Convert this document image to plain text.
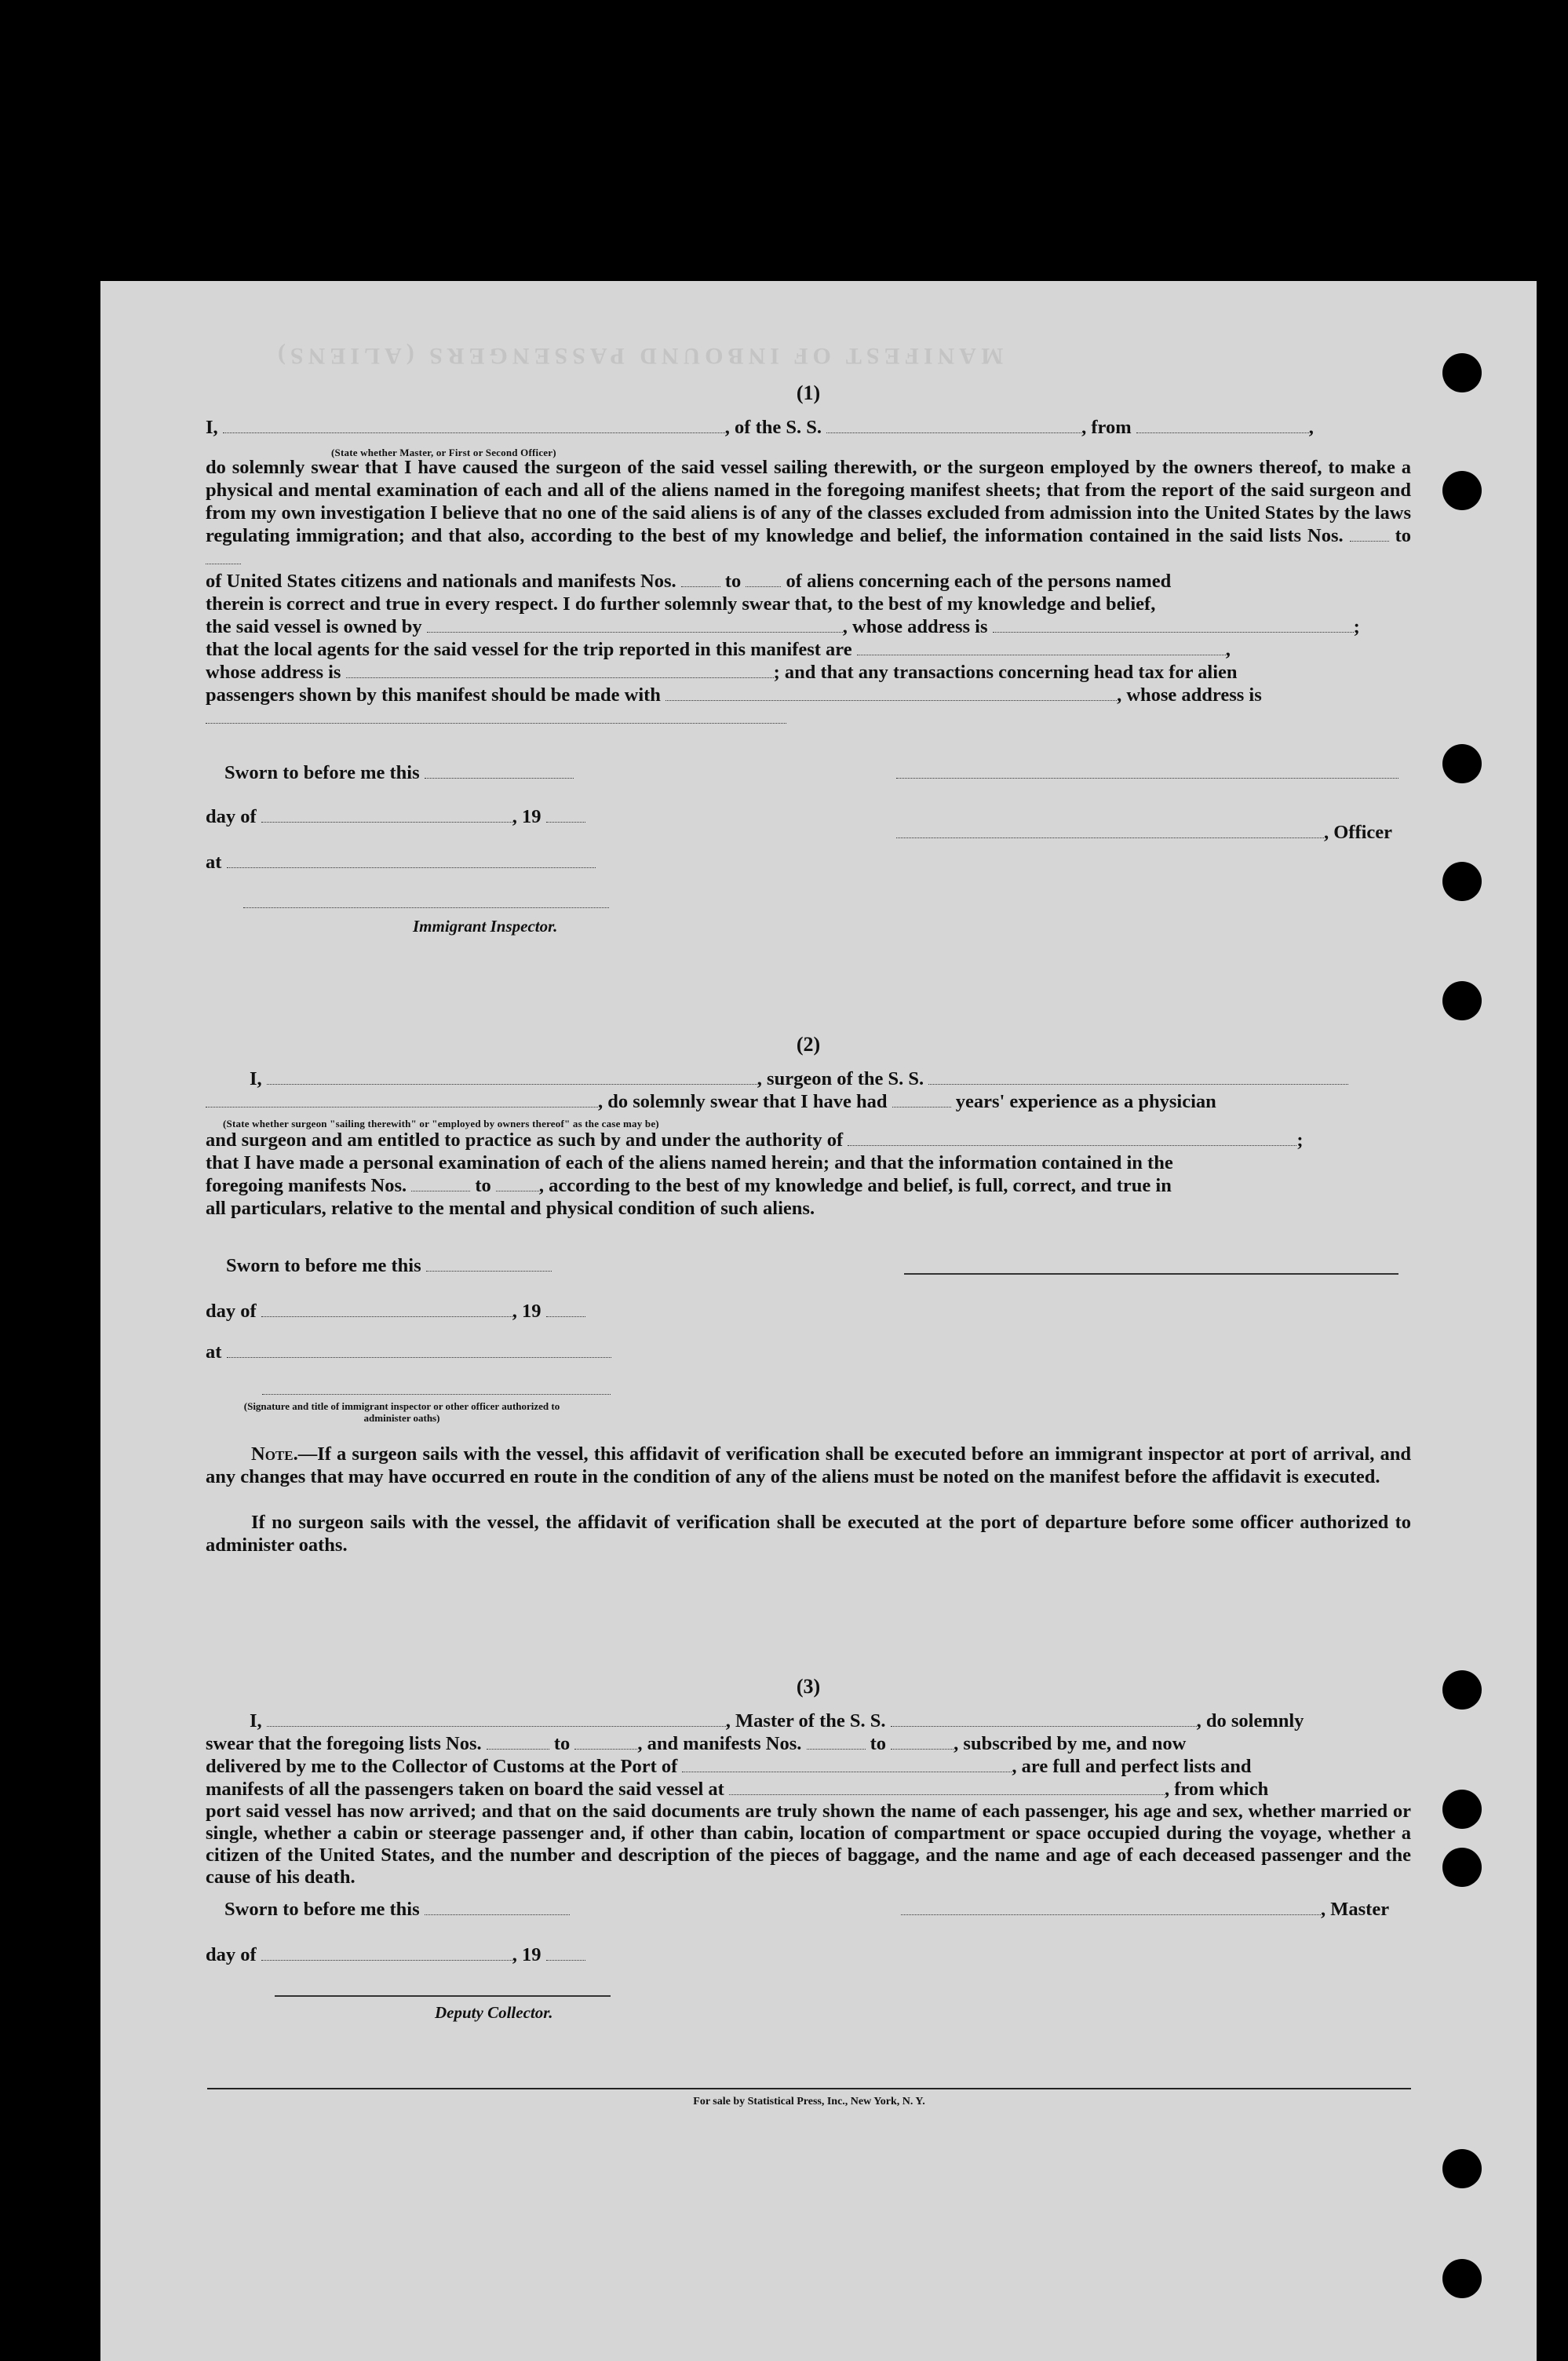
MANIFEST OF INBOUND PASSENGERS (ALIENS)
(1)
I,	, of the S. S.	, from	,
(State whether Master, or First or Second Officer)
do solemnly swear that I have caused the surgeon of the said vessel sailing therewith, or the surgeon employed by the owners thereof, to make a physical and mental examination of each and all of the aliens named in the foregoing manifest sheets; that from the report of the said surgeon and from my own investigation I believe that no one of the said aliens is of any of the classes excluded from admission into the United States by the laws regulating immigration; and that also, according to the best of my knowledge and belief, the information contained in the said lists Nos.	to
of United States citizens and nationals and manifests Nos.	to of aliens concerning each of the persons named
therein is correct and true in every respect. I do further solemnly swear that, to the best of my knowledge and belief,
the said vessel is owned by	, whose address is	;
that the local agents for the said vessel for the trip reported in this manifest are	,
whose address is	; and that any transactions concerning head tax for alien
passengers shown by this manifest should be made with	, whose address is
Sworn to before me this
day of	, 19
, Officer
at
Immigrant Inspector.
(2)
I,	, surgeon of the S. S.
, do solemnly swear that I have had	years' experience as a physician
(State whether surgeon "sailing therewith" or "employed by owners thereof" as the case may be)
and surgeon and am entitled to practice as such by and under the authority of	;
that I have made a personal examination of each of the aliens named herein; and that the information contained in the
foregoing manifests Nos.	to , according to the best of my knowledge and belief, is full, correct, and true in
all particulars, relative to the mental and physical condition of such aliens.
Sworn to before me this
day of	, 19
at
(Signature and title of immigrant inspector or other officer authorized to administer oaths)
Note.—If a surgeon sails with the vessel, this affidavit of verification shall be executed before an immigrant inspector at port of arrival, and any changes that may have occurred en route in the condition of any of the aliens must be noted on the manifest before the affidavit is executed.
If no surgeon sails with the vessel, the affidavit of verification shall be executed at the port of departure before some officer authorized to administer oaths.
(3)
I,	, Master of the S. S.	, do solemnly
swear that the foregoing lists Nos.	to	, and manifests Nos.	to	, subscribed by me, and now
delivered by me to the Collector of Customs at the Port of	, are full and perfect lists and
manifests of all the passengers taken on board the said vessel at	, from which
port said vessel has now arrived; and that on the said documents are truly shown the name of each passenger, his age and sex, whether married or single, whether a cabin or steerage passenger and, if other than cabin, location of compartment or space occupied during the voyage, whether a citizen of the United States, and the number and description of the pieces of baggage, and the name and age of each deceased passenger and the cause of his death.
Sworn to before me this	, Master
day of	, 19
Deputy Collector.
For sale by Statistical Press, Inc., New York, N. Y.
